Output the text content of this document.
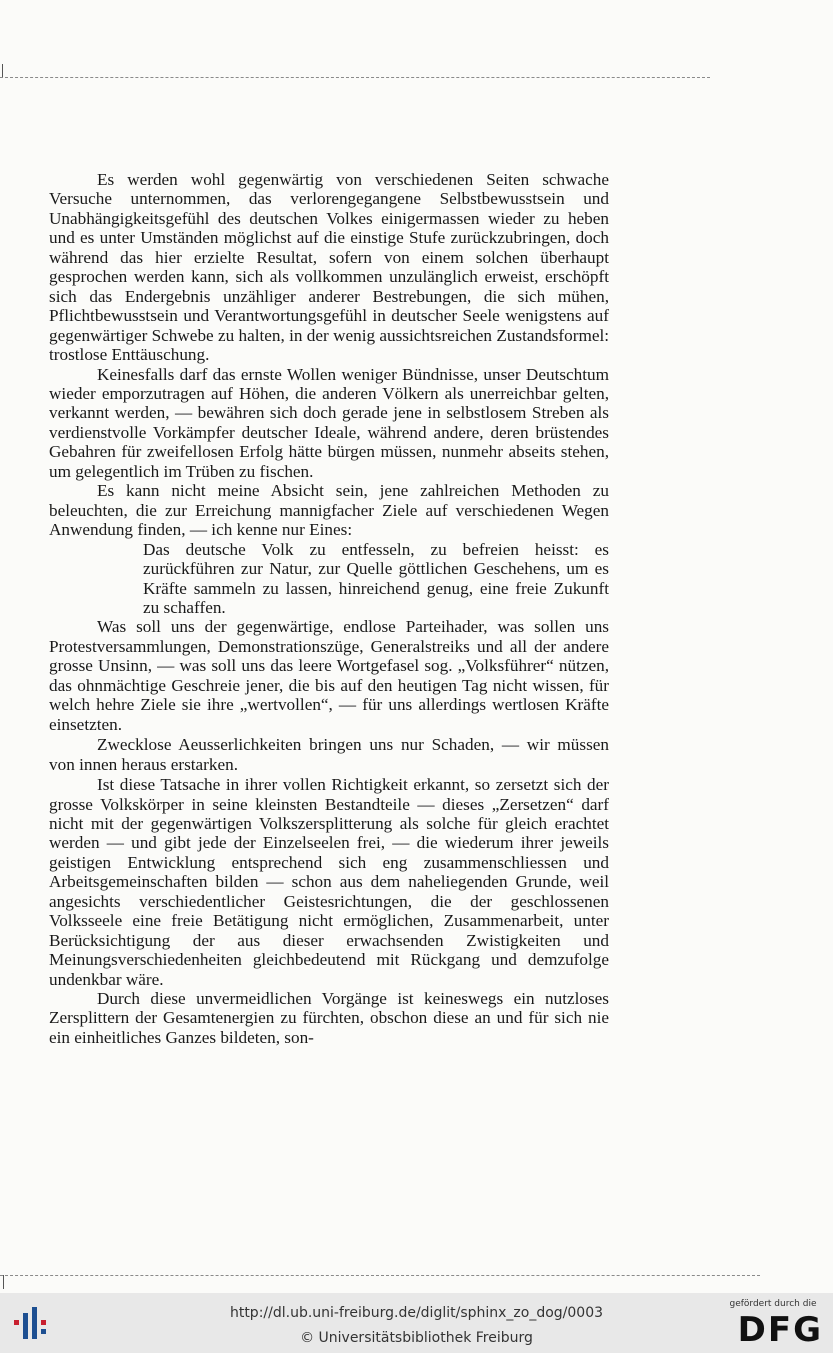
Es werden wohl gegenwärtig von verschiedenen Seiten schwache Versuche unternommen, das verlorengegangene Selbstbewusstsein und Unabhängigkeitsgefühl des deutschen Volkes einigermassen wieder zu heben und es unter Umständen möglichst auf die einstige Stufe zurückzubringen, doch während das hier erzielte Resultat, sofern von einem solchen überhaupt gesprochen werden kann, sich als vollkommen unzulänglich erweist, erschöpft sich das Endergebnis unzähliger anderer Bestrebungen, die sich mühen, Pflichtbewusstsein und Verantwortungsgefühl in deutscher Seele wenigstens auf gegenwärtiger Schwebe zu halten, in der wenig aussichtsreichen Zustandsformel: trostlose Enttäuschung.

Keinesfalls darf das ernste Wollen weniger Bündnisse, unser Deutschtum wieder emporzutragen auf Höhen, die anderen Völkern als unerreichbar gelten, verkannt werden, — bewähren sich doch gerade jene in selbstlosem Streben als verdienstvolle Vorkämpfer deutscher Ideale, während andere, deren brüstendes Gebahren für zweifellosen Erfolg hätte bürgen müssen, nunmehr abseits stehen, um gelegentlich im Trüben zu fischen.

Es kann nicht meine Absicht sein, jene zahlreichen Methoden zu beleuchten, die zur Erreichung mannigfacher Ziele auf verschiedenen Wegen Anwendung finden, — ich kenne nur Eines:

Das deutsche Volk zu entfesseln, zu befreien heisst: es zurückführen zur Natur, zur Quelle göttlichen Geschehens, um es Kräfte sammeln zu lassen, hinreichend genug, eine freie Zukunft zu schaffen.

Was soll uns der gegenwärtige, endlose Parteihader, was sollen uns Protestversammlungen, Demonstrationszüge, Generalstreiks und all der andere grosse Unsinn, — was soll uns das leere Wortgefasel sog. „Volksführer“ nützen, das ohnmächtige Geschreie jener, die bis auf den heutigen Tag nicht wissen, für welch hehre Ziele sie ihre „wertvollen“, — für uns allerdings wertlosen Kräfte einsetzten.

Zwecklose Aeusserlichkeiten bringen uns nur Schaden, — wir müssen von innen heraus erstarken.

Ist diese Tatsache in ihrer vollen Richtigkeit erkannt, so zersetzt sich der grosse Volkskörper in seine kleinsten Bestandteile — dieses „Zersetzen“ darf nicht mit der gegenwärtigen Volkszersplitterung als solche für gleich erachtet werden — und gibt jede der Einzelseelen frei, — die wiederum ihrer jeweils geistigen Entwicklung entsprechend sich eng zusammenschliessen und Arbeitsgemeinschaften bilden — schon aus dem naheliegenden Grunde, weil angesichts verschiedentlicher Geistesrichtungen, die der geschlossenen Volksseele eine freie Betätigung nicht ermöglichen, Zusammenarbeit, unter Berücksichtigung der aus dieser erwachsenden Zwistigkeiten und Meinungsverschiedenheiten gleichbedeutend mit Rückgang und demzufolge undenkbar wäre.

Durch diese unvermeidlichen Vorgänge ist keineswegs ein nutzloses Zersplittern der Gesamtenergien zu fürchten, obschon diese an und für sich nie ein einheitliches Ganzes bildeten, son-

http://dl.ub.uni-freiburg.de/diglit/sphinx_zo_dog/0003
© Universitätsbibliothek Freiburg
gefördert durch die
DFG
